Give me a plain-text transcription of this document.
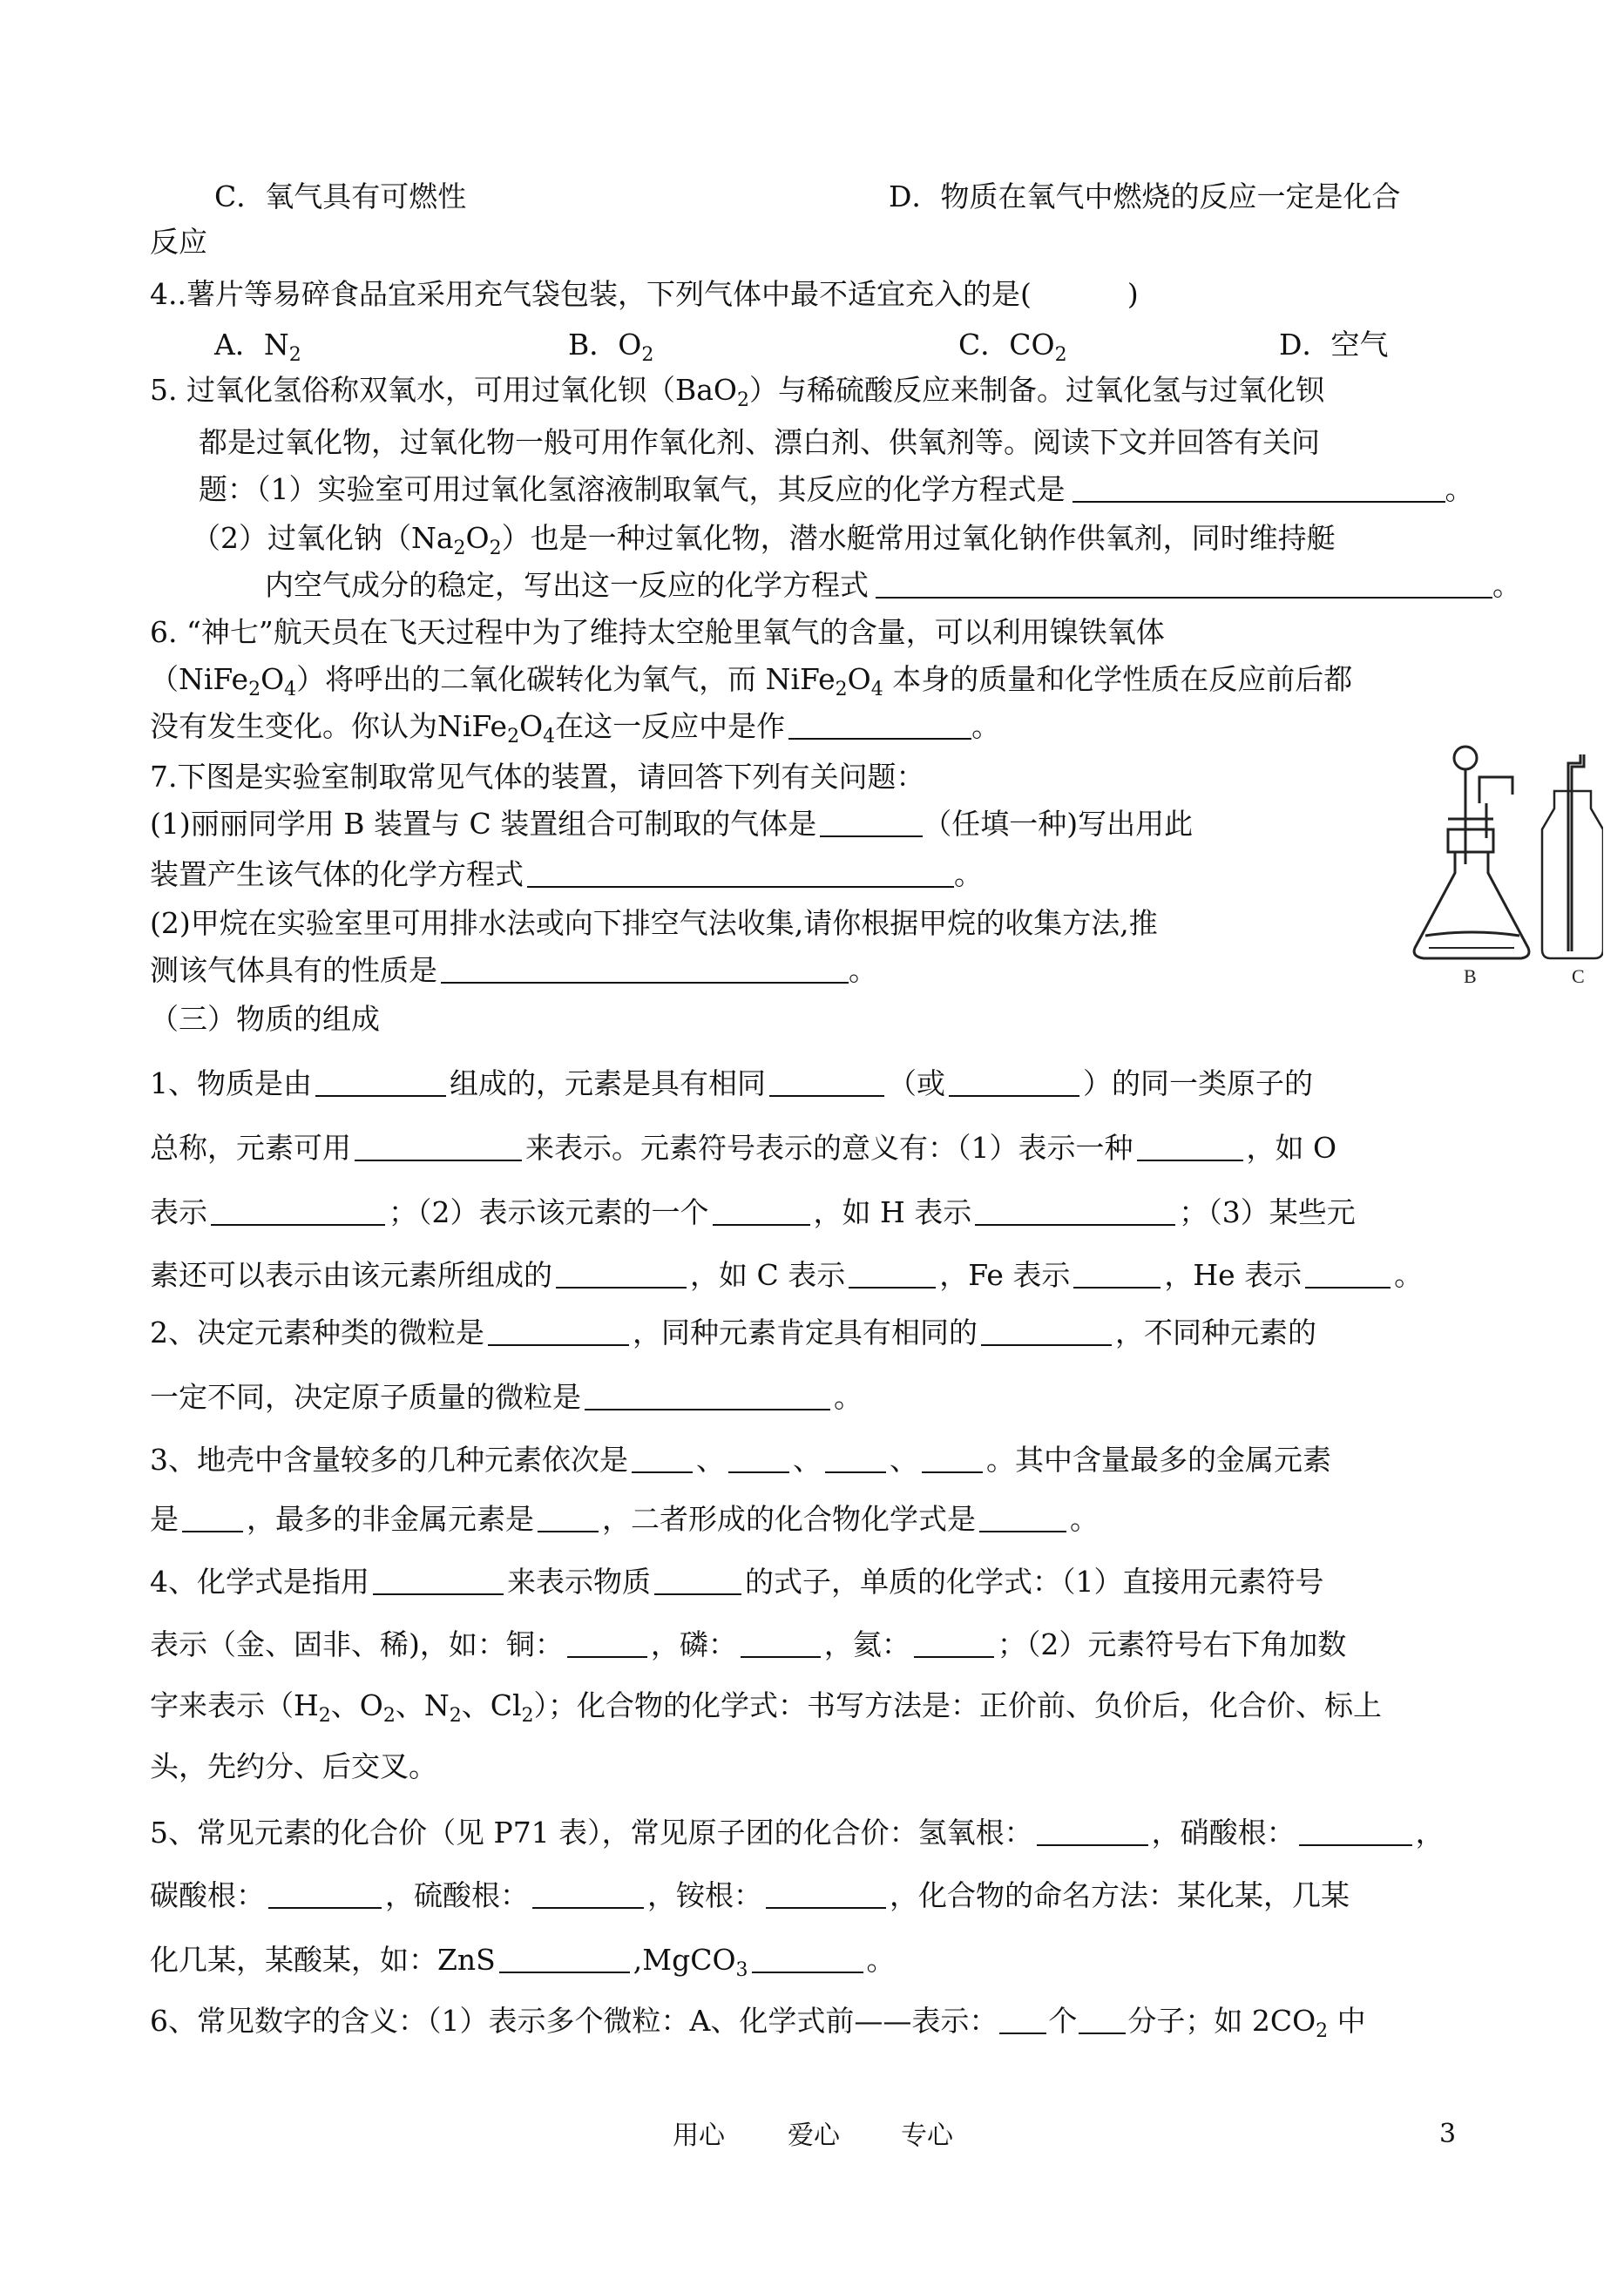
C．氧气具有可燃性	D．物质在氧气中燃烧的反应一定是化合
反应
4..薯片等易碎食品宜采用充气袋包装，下列气体中最不适宜充入的是(	)
A．$N_2$	B．$O_2$	C．$CO_2$	D．空气
5. 过氧化氢俗称双氧水，可用过氧化钡（BaO$_2$）与稀硫酸反应来制备。过氧化氢与过氧化钡
都是过氧化物，过氧化物一般可用作氧化剂、漂白剂、供氧剂等。阅读下文并回答有关问
题：（1）实验室可用过氧化氢溶液制取氧气，其反应的化学方程式是	。
（2）过氧化钠$(Na_2O_2)$也是一种过氧化物，潜水艇常用过氧化钠作供氧剂，同时维持艇
内空气成分的稳定，写出这一反应的化学方程式	。
6. “神七”航天员在飞天过程中为了维持太空舱里氧气的含量，可以利用镍铁氧体
$(NiFe_2O_4)$将呼出的二氧化碳转化为氧气，而 $NiFe_2O_4$ 本身的质量和化学性质在反应前后都
没有发生变化。你认为$NiFe_2O_4$在这一反应中是作	。
7.下图是实验室制取常见气体的装置，请回答下列有关问题：
(1)丽丽同学用 B 装置与 C 装置组合可制取的气体是	（任填一种)写出用此
装置产生该气体的化学方程式	。
(2)甲烷在实验室里可用排水法或向下排空气法收集,请你根据甲烷的收集方法,推
测该气体具有的性质是	。	B	C
（三）物质的组成
1、物质是由	组成的，元素是具有相同	（或	）的同一类原子的
总称，元素可用	来表示。元素符号表示的意义有：（1）表示一种	，如 O
表示	；（2）表示该元素的一个	，如 H 表示	；（3）某些元
素还可以表示由该元素所组成的	，如 C 表示	，Fe 表示	，He 表示	。
2、决定元素种类的微粒是	，同种元素肯定具有相同的	，不同种元素的
一定不同，决定原子质量的微粒是	。
3、地壳中含量较多的几种元素依次是 、 、 、 。其中含量最多的金属元素
是 ，最多的非金属元素是 ，二者形成的化合物化学式是	。
4、化学式是指用	来表示物质	的式子，单质的化学式：（1）直接用元素符号
表示（金、固非、稀)，如：铜：	，磷：	，氦：	；（2）元素符号右下角加数
字来表示（$H_2$、$O_2$、$N_2$、$Cl_2$）；化合物的化学式：书写方法是：正价前、负价后，化合价、标上
头，先约分、后交叉。
5、常见元素的化合价（见 P71 表），常见原子团的化合价：氢氧根：	，硝酸根：	，
碳酸根：	，硫酸根：	，铵根：	，化合物的命名方法：某化某，几某
化几某，某酸某，如：ZnS	,MgCO$_3$	。
6、常见数字的含义：（1）表示多个微粒：A、化学式前——表示： 个 分子；如 $2CO_2$ 中
用心 爱心 专心	3
